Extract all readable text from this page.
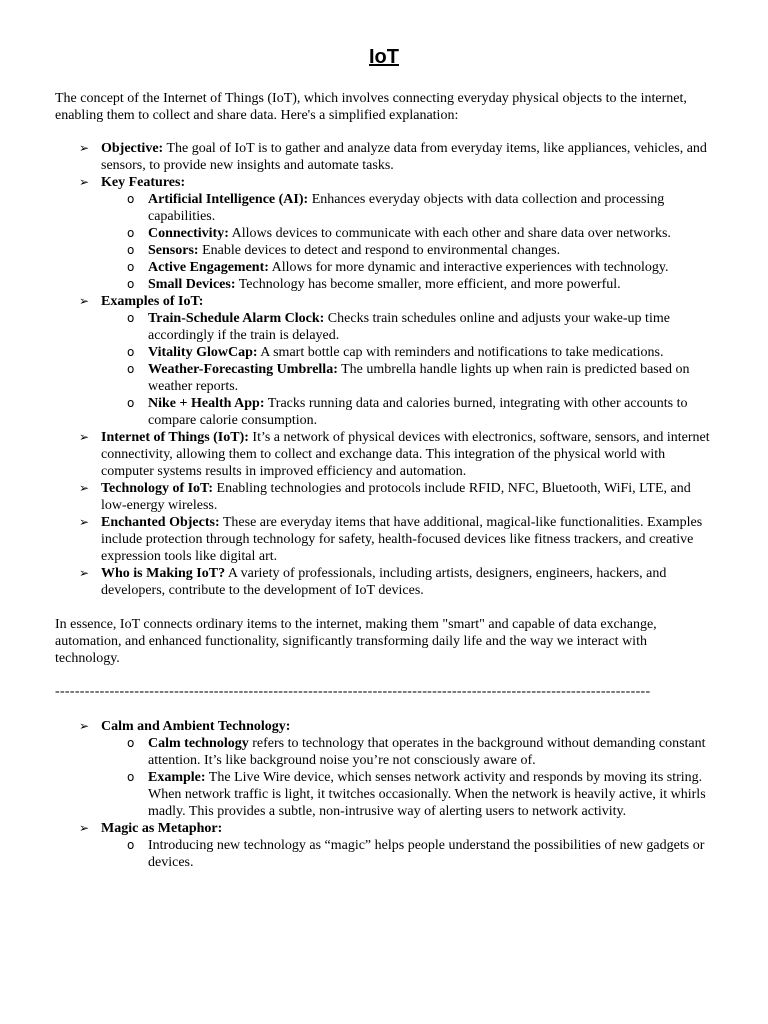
IoT

The concept of the Internet of Things (IoT), which involves connecting everyday physical objects to the internet, enabling them to collect and share data. Here's a simplified explanation:

➢ Objective: The goal of IoT is to gather and analyze data from everyday items, like appliances, vehicles, and sensors, to provide new insights and automate tasks.
➢ Key Features:
o Artificial Intelligence (AI): Enhances everyday objects with data collection and processing capabilities.
o Connectivity: Allows devices to communicate with each other and share data over networks.
o Sensors: Enable devices to detect and respond to environmental changes.
o Active Engagement: Allows for more dynamic and interactive experiences with technology.
o Small Devices: Technology has become smaller, more efficient, and more powerful.
➢ Examples of IoT:
o Train-Schedule Alarm Clock: Checks train schedules online and adjusts your wake-up time accordingly if the train is delayed.
o Vitality GlowCap: A smart bottle cap with reminders and notifications to take medications.
o Weather-Forecasting Umbrella: The umbrella handle lights up when rain is predicted based on weather reports.
o Nike + Health App: Tracks running data and calories burned, integrating with other accounts to compare calorie consumption.
➢ Internet of Things (IoT): It’s a network of physical devices with electronics, software, sensors, and internet connectivity, allowing them to collect and exchange data. This integration of the physical world with computer systems results in improved efficiency and automation.
➢ Technology of IoT: Enabling technologies and protocols include RFID, NFC, Bluetooth, WiFi, LTE, and low-energy wireless.
➢ Enchanted Objects: These are everyday items that have additional, magical-like functionalities. Examples include protection through technology for safety, health-focused devices like fitness trackers, and creative expression tools like digital art.
➢ Who is Making IoT? A variety of professionals, including artists, designers, engineers, hackers, and developers, contribute to the development of IoT devices.

In essence, IoT connects ordinary items to the internet, making them "smart" and capable of data exchange, automation, and enhanced functionality, significantly transforming daily life and the way we interact with technology.

------------------------------------------------------------------------------------------------------------------------
➢ Calm and Ambient Technology:
o Calm technology refers to technology that operates in the background without demanding constant attention. It’s like background noise you’re not consciously aware of.
o Example: The Live Wire device, which senses network activity and responds by moving its string. When network traffic is light, it twitches occasionally. When the network is heavily active, it whirls madly. This provides a subtle, non-intrusive way of alerting users to network activity.
➢ Magic as Metaphor:
o Introducing new technology as “magic” helps people understand the possibilities of new gadgets or devices.
